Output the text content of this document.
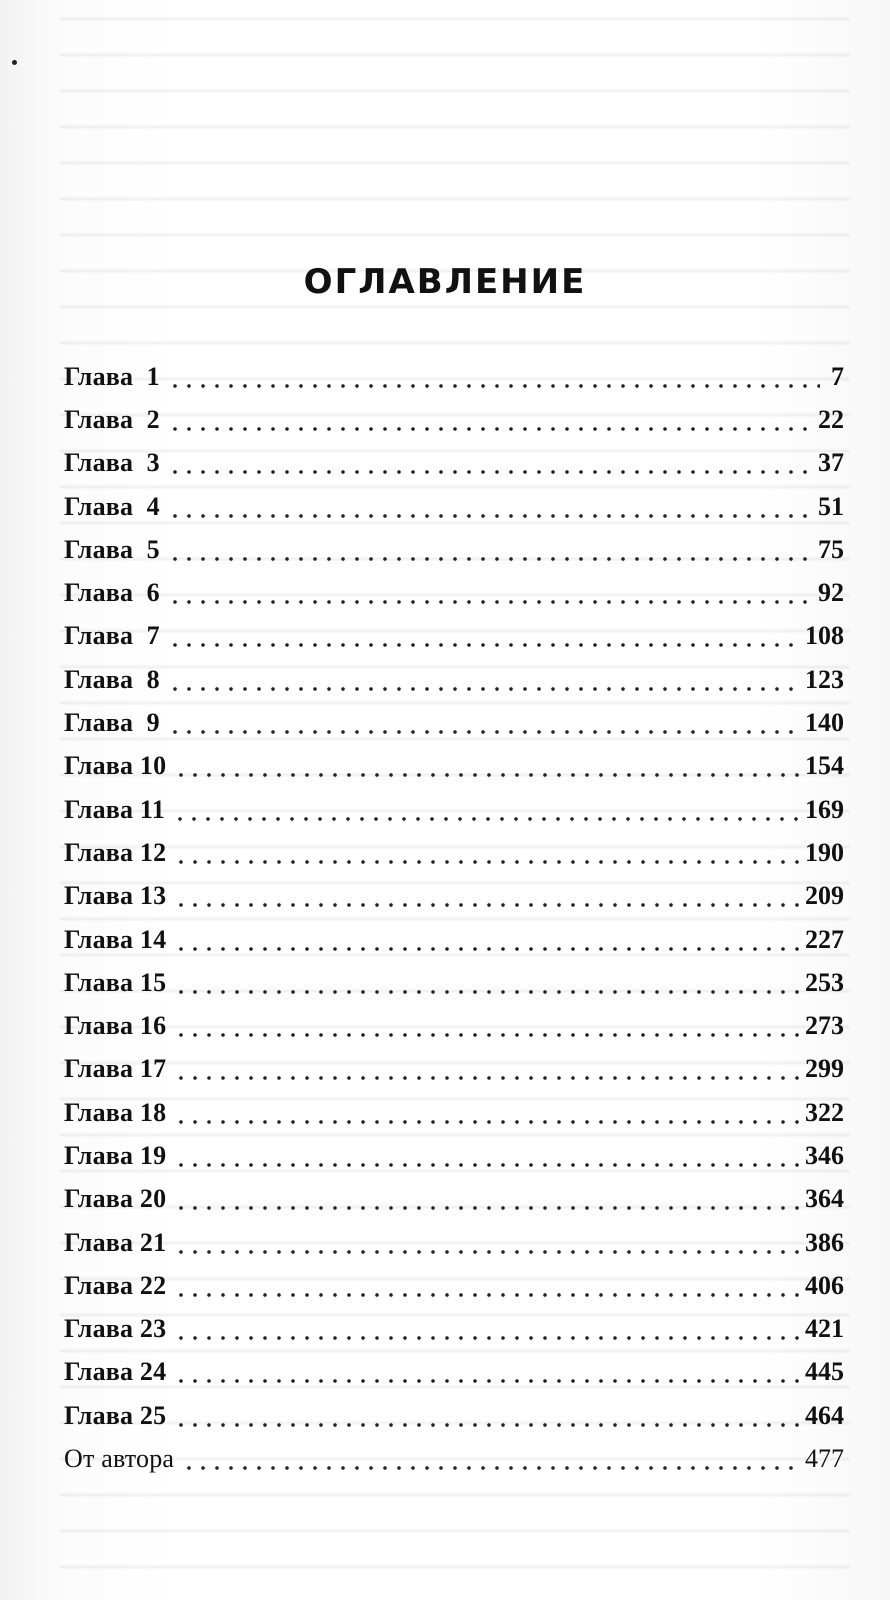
ОГЛАВЛЕНИЕ
Глава  1	7
Глава  2	22
Глава  3	37
Глава  4	51
Глава  5	75
Глава  6	92
Глава  7	108
Глава  8	123
Глава  9	140
Глава 10	154
Глава 11	169
Глава 12	190
Глава 13	209
Глава 14	227
Глава 15	253
Глава 16	273
Глава 17	299
Глава 18	322
Глава 19	346
Глава 20	364
Глава 21	386
Глава 22	406
Глава 23	421
Глава 24	445
Глава 25	464
От автора	477
